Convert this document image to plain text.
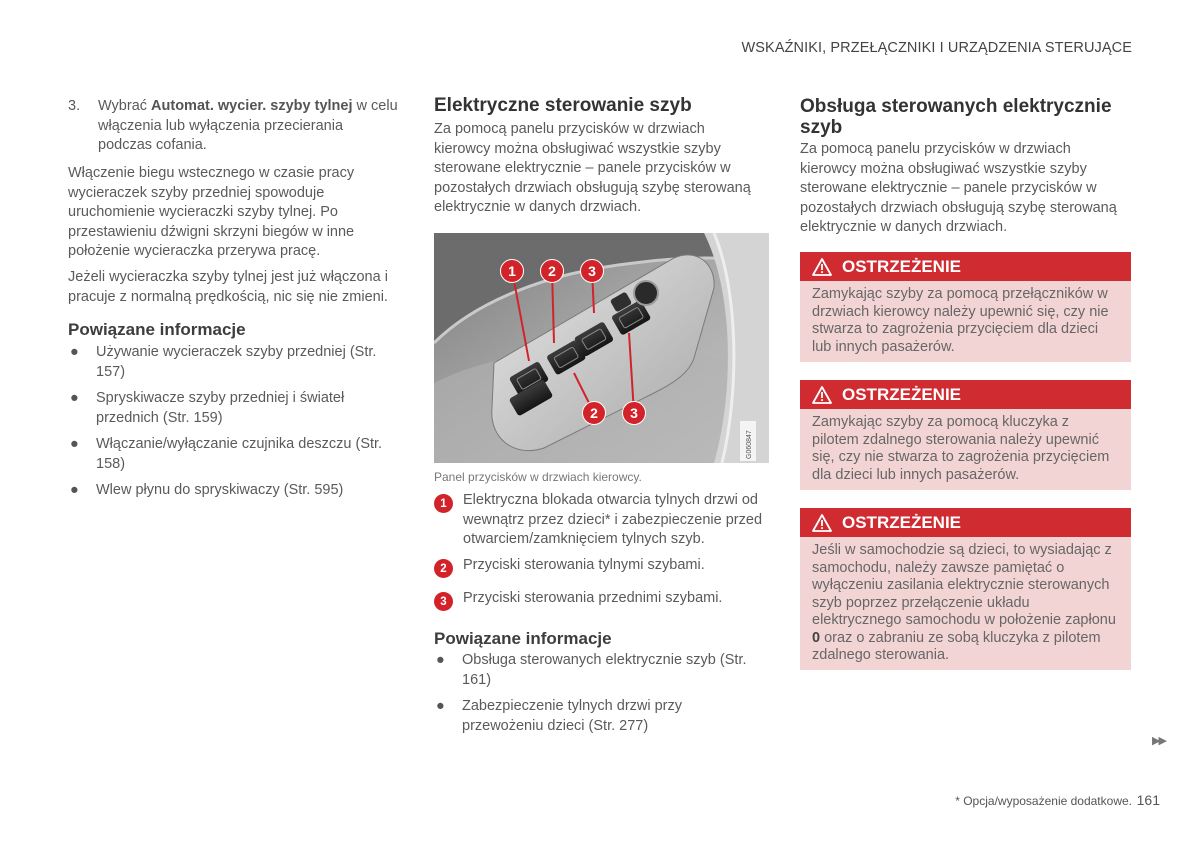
WSKAŹNIKI, PRZEŁĄCZNIKI I URZĄDZENIA STERUJĄCE
3. Wybrać Automat. wycier. szyby tylnej w celu włączenia lub wyłączenia przecierania podczas cofania.
Włączenie biegu wstecznego w czasie pracy wycieraczek szyby przedniej spowoduje uruchomienie wycieraczki szyby tylnej. Po przestawieniu dźwigni skrzyni biegów w inne położenie wycieraczka przerywa pracę.
Jeżeli wycieraczka szyby tylnej jest już włączona i pracuje z normalną prędkością, nic się nie zmieni.
Powiązane informacje
● Używanie wycieraczek szyby przedniej (Str. 157)
● Spryskiwacze szyby przedniej i świateł przednich (Str. 159)
● Włączanie/wyłączanie czujnika deszczu (Str. 158)
● Wlew płynu do spryskiwaczy (Str. 595)
Elektryczne sterowanie szyb
Za pomocą panelu przycisków w drzwiach kierowcy można obsługiwać wszystkie szyby sterowane elektrycznie – panele przycisków w pozostałych drzwiach obsługują szybę sterowaną elektrycznie w danych drzwiach.
G060847
1	2	3
2	3
Panel przycisków w drzwiach kierowcy.
1	Elektryczna blokada otwarcia tylnych drzwi od wewnątrz przez dzieci* i zabezpieczenie przed otwarciem/zamknięciem tylnych szyb.
2	Przyciski sterowania tylnymi szybami.
3	Przyciski sterowania przednimi szybami.
Powiązane informacje
● Obsługa sterowanych elektrycznie szyb (Str. 161)
● Zabezpieczenie tylnych drzwi przy przewożeniu dzieci (Str. 277)
Obsługa sterowanych elektrycznie szyb
Za pomocą panelu przycisków w drzwiach kierowcy można obsługiwać wszystkie szyby sterowane elektrycznie – panele przycisków w pozostałych drzwiach obsługują szybę sterowaną elektrycznie w danych drzwiach.
OSTRZEŻENIE
Zamykając szyby za pomocą przełączników w drzwiach kierowcy należy upewnić się, czy nie stwarza to zagrożenia przycięciem dla dzieci lub innych pasażerów.
OSTRZEŻENIE
Zamykając szyby za pomocą kluczyka z pilotem zdalnego sterowania należy upewnić się, czy nie stwarza to zagrożenia przycięciem dla dzieci lub innych pasażerów.
OSTRZEŻENIE
Jeśli w samochodzie są dzieci, to wysiadając z samochodu, należy zawsze pamiętać o wyłączeniu zasilania elektrycznie sterowanych szyb poprzez przełączenie układu elektrycznego samochodu w położenie zapłonu 0 oraz o zabraniu ze sobą kluczyka z pilotem zdalnego sterowania.
▶▶
* Opcja/wyposażenie dodatkowe. 161
